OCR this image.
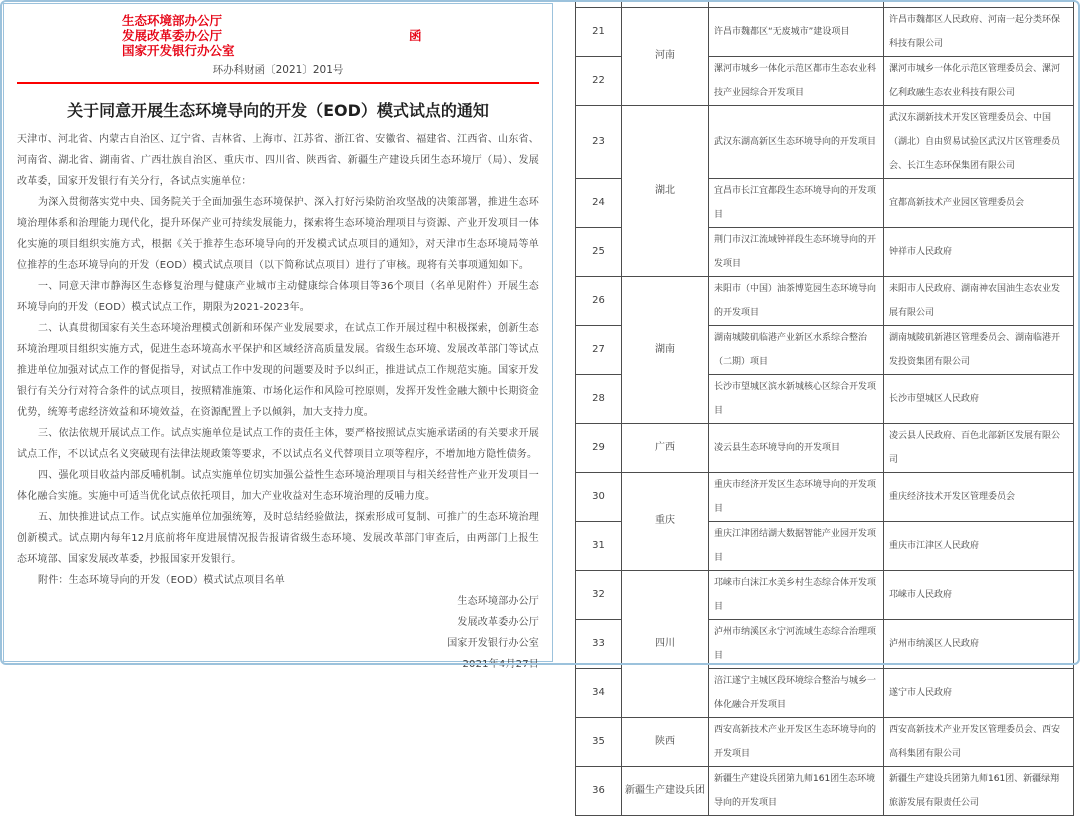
生态环境部办公厅
发展改革委办公厅
国家开发银行办公室
函
环办科财函〔2021〕201号
关于同意开展生态环境导向的开发（EOD）模式试点的通知

天津市、河北省、内蒙古自治区、辽宁省、吉林省、上海市、江苏省、浙江省、安徽省、福建省、江西省、山东省、河南省、湖北省、湖南省、广西壮族自治区、重庆市、四川省、陕西省、新疆生产建设兵团生态环境厅（局）、发展改革委，国家开发银行有关分行，各试点实施单位：

为深入贯彻落实党中央、国务院关于全面加强生态环境保护、深入打好污染防治攻坚战的决策部署，推进生态环境治理体系和治理能力现代化，提升环保产业可持续发展能力，探索将生态环境治理项目与资源、产业开发项目一体化实施的项目组织实施方式，根据《关于推荐生态环境导向的开发模式试点项目的通知》，对天津市生态环境局等单位推荐的生态环境导向的开发（EOD）模式试点项目（以下简称试点项目）进行了审核。现将有关事项通知如下。

一、同意天津市静海区生态修复治理与健康产业城市主动健康综合体项目等36个项目（名单见附件）开展生态环境导向的开发（EOD）模式试点工作，期限为2021-2023年。

二、认真贯彻国家有关生态环境治理模式创新和环保产业发展要求，在试点工作开展过程中积极探索，创新生态环境治理项目组织实施方式，促进生态环境高水平保护和区域经济高质量发展。省级生态环境、发展改革部门等试点推进单位加强对试点工作的督促指导，对试点工作中发现的问题要及时予以纠正，推进试点工作规范实施。国家开发银行有关分行对符合条件的试点项目，按照精准施策、市场化运作和风险可控原则，发挥开发性金融大额中长期资金优势，统筹考虑经济效益和环境效益，在资源配置上予以倾斜，加大支持力度。

三、依法依规开展试点工作。试点实施单位是试点工作的责任主体，要严格按照试点实施承诺函的有关要求开展试点工作，不以试点名义突破现有法律法规政策等要求，不以试点名义代替项目立项等程序，不增加地方隐性债务。

四、强化项目收益内部反哺机制。试点实施单位切实加强公益性生态环境治理项目与相关经营性产业开发项目一体化融合实施。实施中可适当优化试点依托项目，加大产业收益对生态环境治理的反哺力度。

五、加快推进试点工作。试点实施单位加强统筹，及时总结经验做法，探索形成可复制、可推广的生态环境治理创新模式。试点期内每年12月底前将年度进展情况报告报请省级生态环境、发展改革部门审查后，由两部门上报生态环境部、国家发展改革委，抄报国家开发银行。

附件：生态环境导向的开发（EOD）模式试点项目名单

生态环境部办公厅
发展改革委办公厅
国家开发银行办公室
2021年4月27日

21	河南	许昌市魏都区“无废城市”建设项目	许昌市魏都区人民政府、河南一起分类环保科技有限公司
22		漯河市城乡一体化示范区都市生态农业科技产业园综合开发项目	漯河市城乡一体化示范区管理委员会、漯河亿利政融生态农业科技有限公司
23	湖北	武汉东湖高新区生态环境导向的开发项目	武汉东湖新技术开发区管理委员会、中国（湖北）自由贸易试验区武汉片区管理委员会、长江生态环保集团有限公司
24		宜昌市长江宜都段生态环境导向的开发项目	宜都高新技术产业园区管理委员会
25		荆门市汉江流域钟祥段生态环境导向的开发项目	钟祥市人民政府
26	湖南	耒阳市（中国）油茶博览园生态环境导向的开发项目	耒阳市人民政府、湖南神农国油生态农业发展有限公司
27		湖南城陵矶临港产业新区水系综合整治（二期）项目	湖南城陵矶新港区管理委员会、湖南临港开发投资集团有限公司
28		长沙市望城区滨水新城核心区综合开发项目	长沙市望城区人民政府
29	广西	凌云县生态环境导向的开发项目	凌云县人民政府、百色北部新区发展有限公司
30	重庆	重庆市经济开发区生态环境导向的开发项目	重庆经济技术开发区管理委员会
31		重庆江津团结湖大数据智能产业园开发项目	重庆市江津区人民政府
32	四川	邛崃市白沫江水美乡村生态综合体开发项目	邛崃市人民政府
33		泸州市纳溪区永宁河流域生态综合治理项目	泸州市纳溪区人民政府
34		涪江遂宁主城区段环境综合整治与城乡一体化融合开发项目	遂宁市人民政府
35	陕西	西安高新技术产业开发区生态环境导向的开发项目	西安高新技术产业开发区管理委员会、西安高科集团有限公司
36	新疆生产建设兵团	新疆生产建设兵团第九师161团生态环境导向的开发项目	新疆生产建设兵团第九师161团、新疆绿翔旅游发展有限责任公司
